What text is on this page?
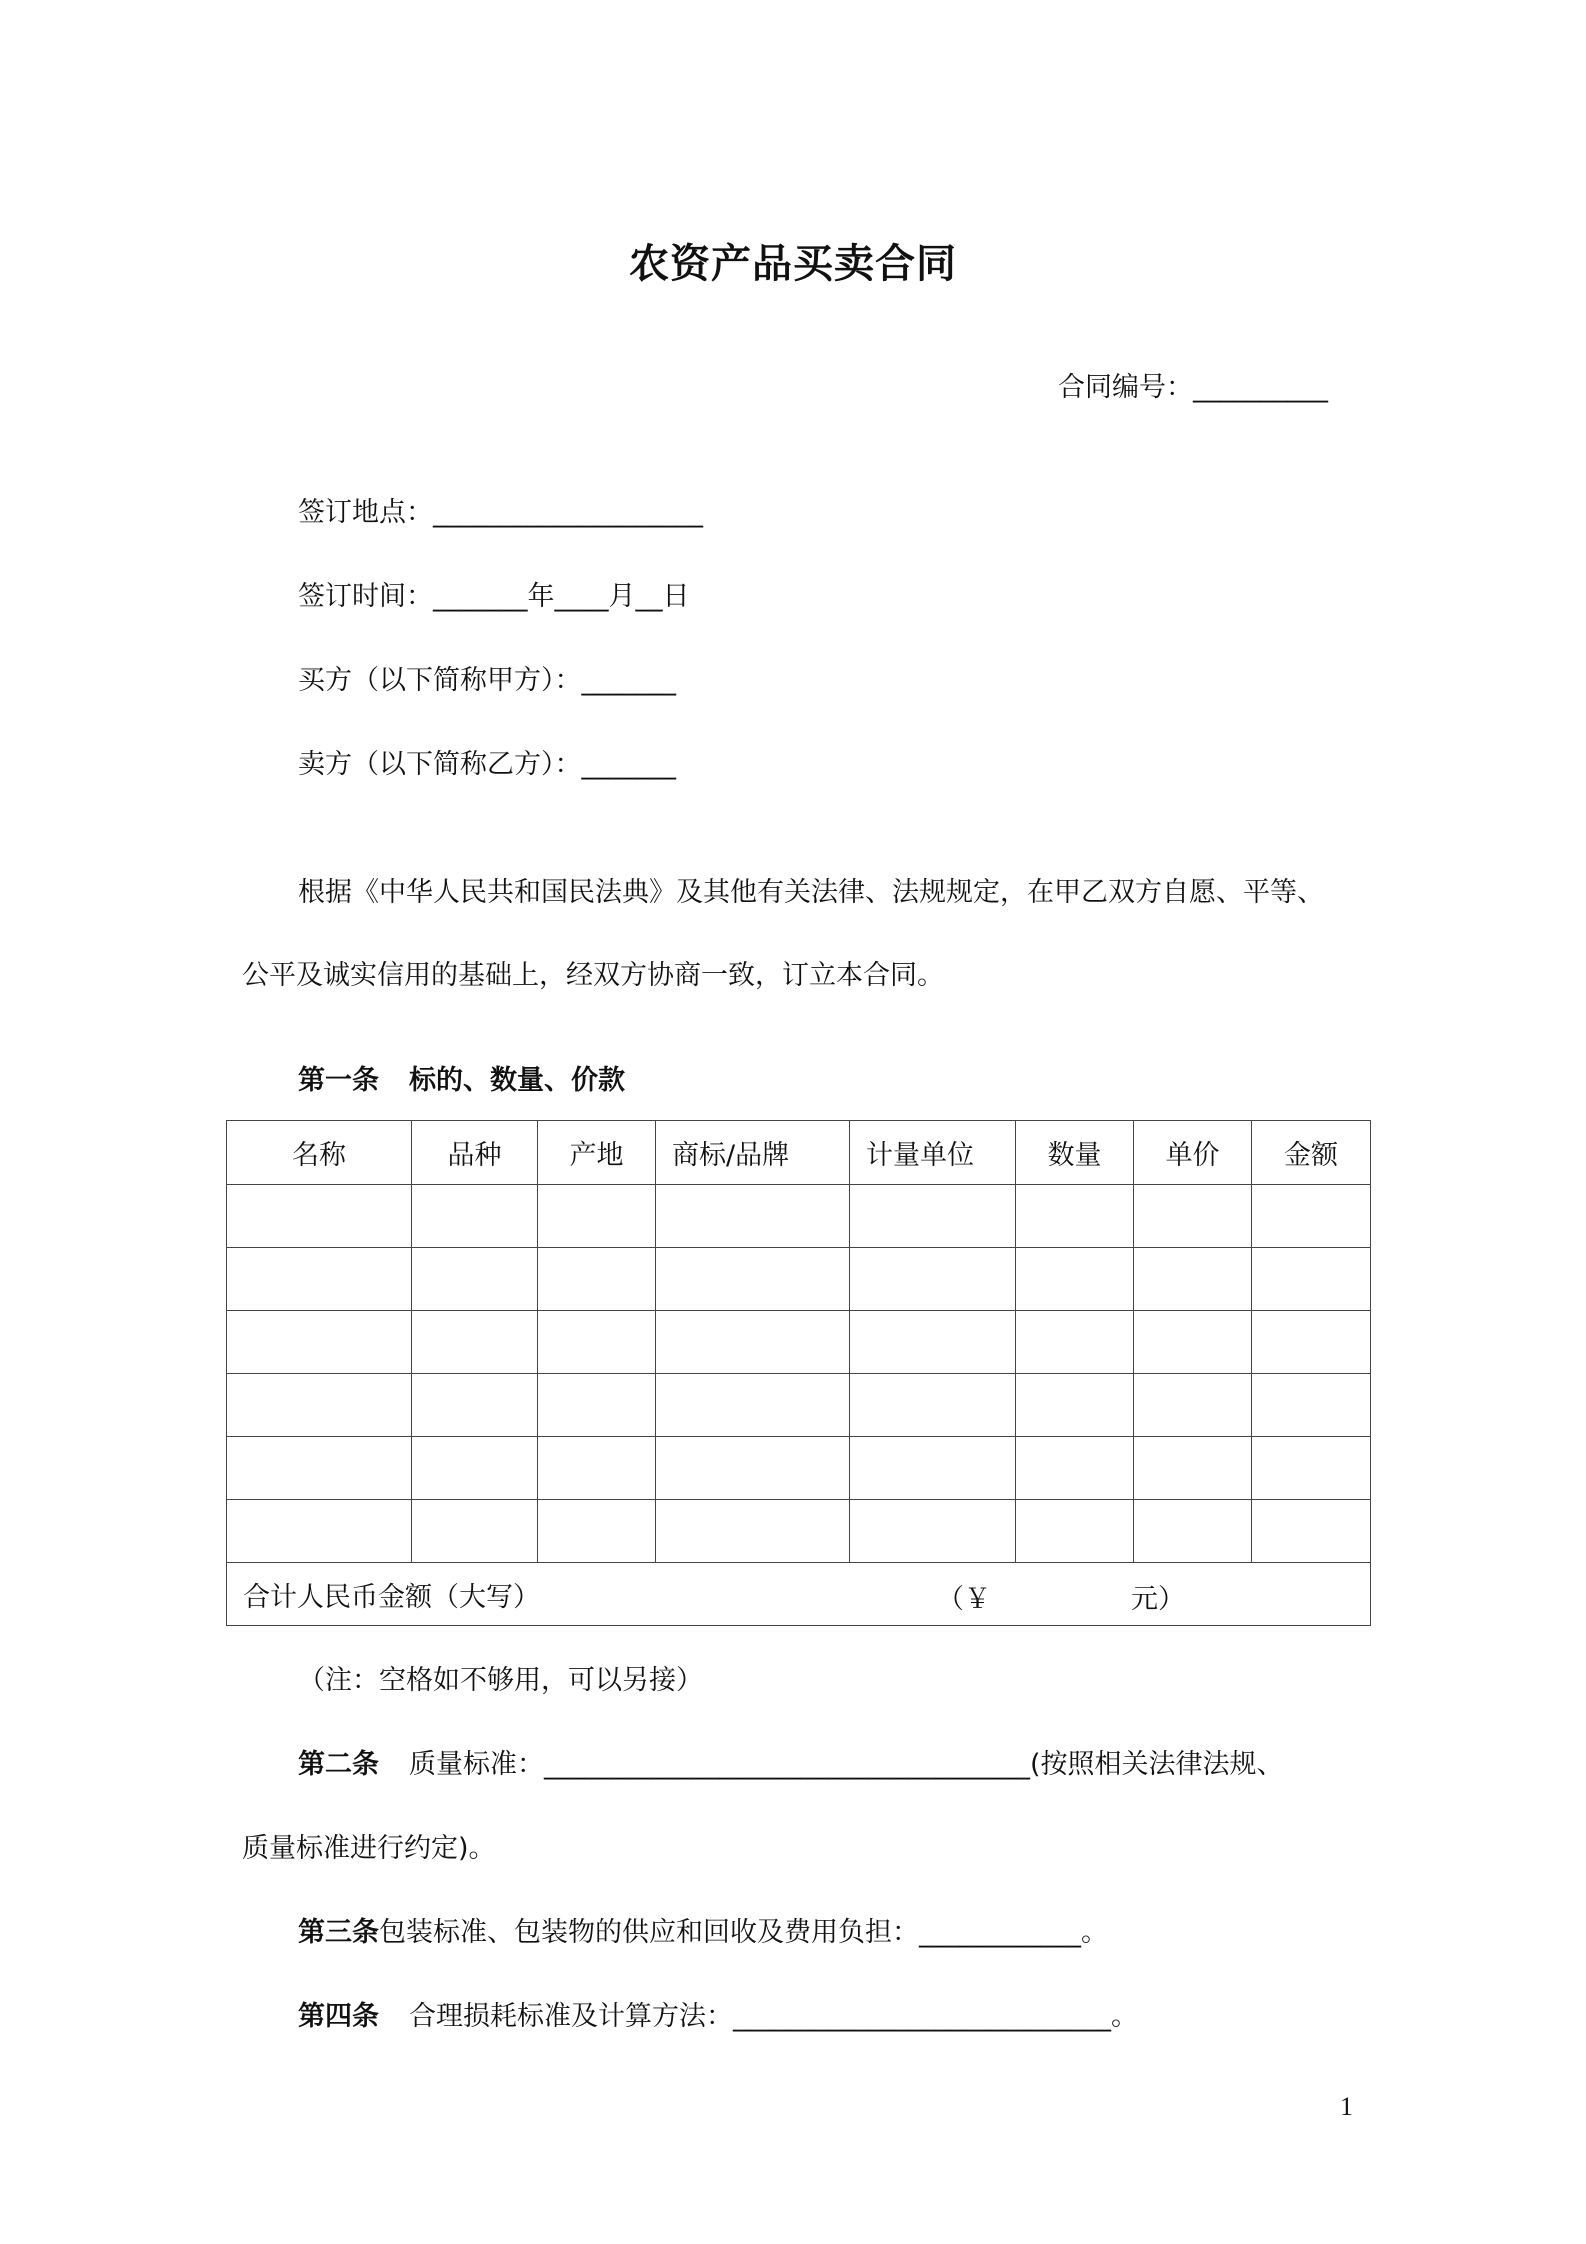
农资产品买卖合同
合同编号：__________
签订地点：____________________
签订时间：_______年____月__日
买方（以下简称甲方）：_______
卖方（以下简称乙方）：_______
根据《中华人民共和国民法典》及其他有关法律、法规规定，在甲乙双方自愿、平等、
公平及诚实信用的基础上，经双方协商一致，订立本合同。
第一条 标的、数量、价款
名称	品种	产地	商标/品牌	计量单位	数量	单价	金额

合计人民币金额（大写） （￥ 元）							
（注：空格如不够用，可以另接）
第二条 质量标准：____________________________________(按照相关法律法规、
质量标准进行约定)。
第三条包装标准、包装物的供应和回收及费用负担：____________。
第四条 合理损耗标准及计算方法：____________________________。
1
